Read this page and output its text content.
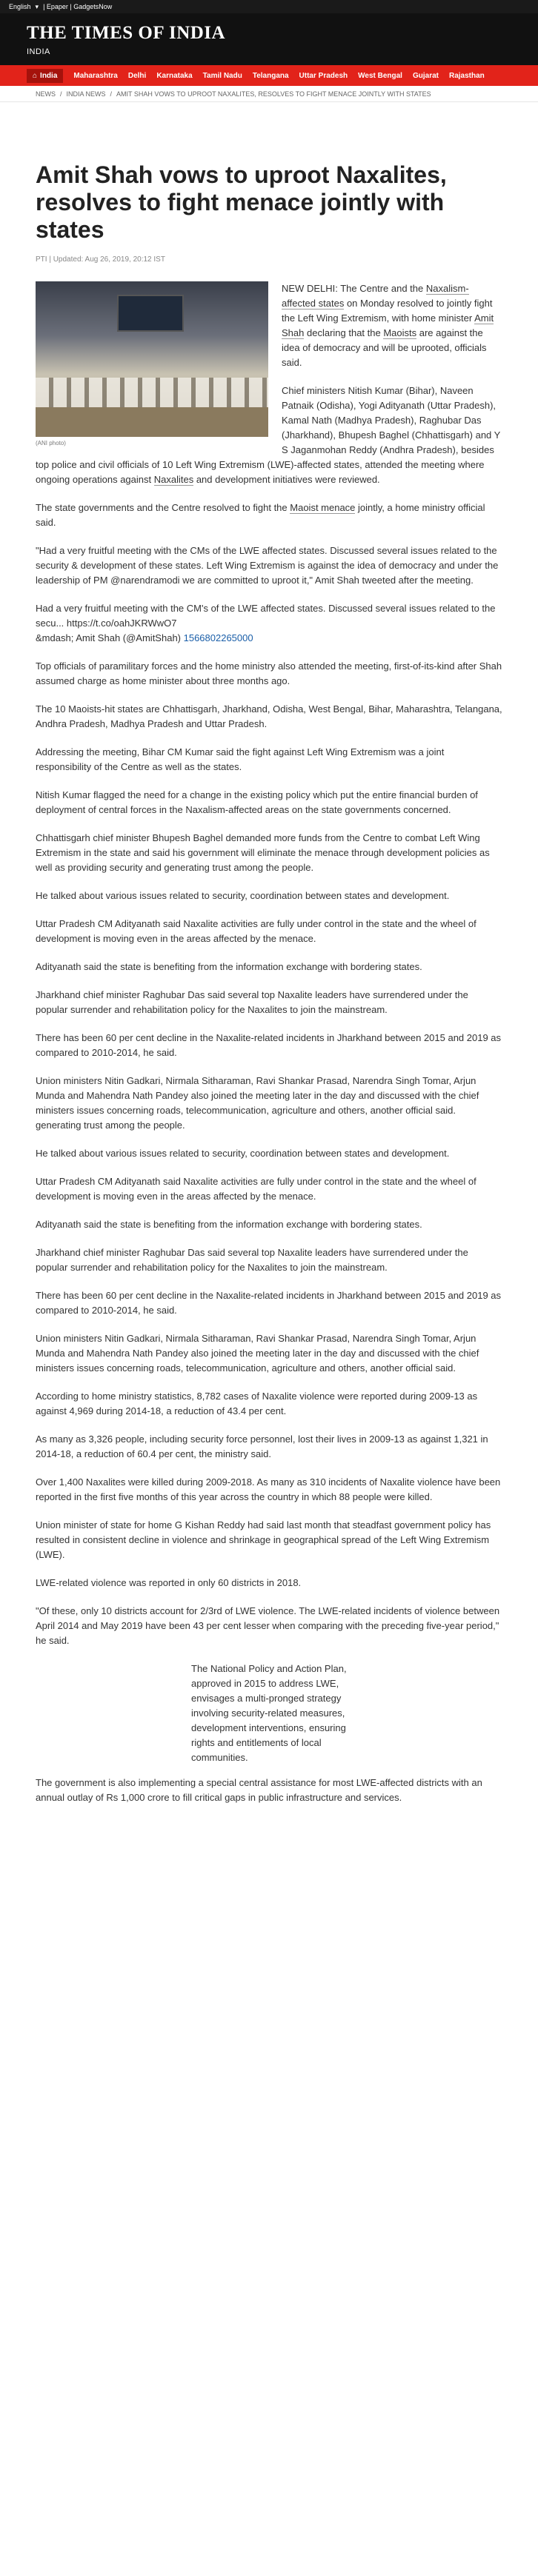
English ▾ | Epaper | GadgetsNow
THE TIMES OF INDIA
INDIA
⌂ India Maharashtra Delhi Karnataka Tamil Nadu Telangana Uttar Pradesh West Bengal Gujarat Rajasthan
NEWS / INDIA NEWS / AMIT SHAH VOWS TO UPROOT NAXALITES, RESOLVES TO FIGHT MENACE JOINTLY WITH STATES
Amit Shah vows to uproot Naxalites, resolves to fight menace jointly with states
PTI | Updated: Aug 26, 2019, 20:12 IST
(ANI photo)

NEW DELHI: The Centre and the Naxalism-affected states on Monday resolved to jointly fight the Left Wing Extremism, with home minister Amit Shah declaring that the Maoists are against the idea of democracy and will be uprooted, officials said.

Chief ministers Nitish Kumar (Bihar), Naveen Patnaik (Odisha), Yogi Adityanath (Uttar Pradesh), Kamal Nath (Madhya Pradesh), Raghubar Das (Jharkhand), Bhupesh Baghel (Chhattisgarh) and Y S Jaganmohan Reddy (Andhra Pradesh), besides top police and civil officials of 10 Left Wing Extremism (LWE)-affected states, attended the meeting where ongoing operations against Naxalites and development initiatives were reviewed.

The state governments and the Centre resolved to fight the Maoist menace jointly, a home ministry official said.

"Had a very fruitful meeting with the CMs of the LWE affected states. Discussed several issues related to the security & development of these states. Left Wing Extremism is against the idea of democracy and under the leadership of PM @narendramodi we are committed to uproot it," Amit Shah tweeted after the meeting.

Had a very fruitful meeting with the CM's of the LWE affected states. Discussed several issues related to the secu... https://t.co/oahJKRWwO7
&mdash; Amit Shah (@AmitShah) 1566802265000

Top officials of paramilitary forces and the home ministry also attended the meeting, first-of-its-kind after Shah assumed charge as home minister about three months ago.

The 10 Maoists-hit states are Chhattisgarh, Jharkhand, Odisha, West Bengal, Bihar, Maharashtra, Telangana, Andhra Pradesh, Madhya Pradesh and Uttar Pradesh.

Addressing the meeting, Bihar CM Kumar said the fight against Left Wing Extremism was a joint responsibility of the Centre as well as the states.

Nitish Kumar flagged the need for a change in the existing policy which put the entire financial burden of deployment of central forces in the Naxalism-affected areas on the state governments concerned.

Chhattisgarh chief minister Bhupesh Baghel demanded more funds from the Centre to combat Left Wing Extremism in the state and said his government will eliminate the menace through development policies as well as providing security and generating trust among the people.

He talked about various issues related to security, coordination between states and development.

Uttar Pradesh CM Adityanath said Naxalite activities are fully under control in the state and the wheel of development is moving even in the areas affected by the menace.

Adityanath said the state is benefiting from the information exchange with bordering states.

Jharkhand chief minister Raghubar Das said several top Naxalite leaders have surrendered under the popular surrender and rehabilitation policy for the Naxalites to join the mainstream.

There has been 60 per cent decline in the Naxalite-related incidents in Jharkhand between 2015 and 2019 as compared to 2010-2014, he said.

Union ministers Nitin Gadkari, Nirmala Sitharaman, Ravi Shankar Prasad, Narendra Singh Tomar, Arjun Munda and Mahendra Nath Pandey also joined the meeting later in the day and discussed with the chief ministers issues concerning roads, telecommunication, agriculture and others, another official said.

generating trust among the people.

He talked about various issues related to security, coordination between states and development.

Uttar Pradesh CM Adityanath said Naxalite activities are fully under control in the state and the wheel of development is moving even in the areas affected by the menace.

Adityanath said the state is benefiting from the information exchange with bordering states.

Jharkhand chief minister Raghubar Das said several top Naxalite leaders have surrendered under the popular surrender and rehabilitation policy for the Naxalites to join the mainstream.

There has been 60 per cent decline in the Naxalite-related incidents in Jharkhand between 2015 and 2019 as compared to 2010-2014, he said.

Union ministers Nitin Gadkari, Nirmala Sitharaman, Ravi Shankar Prasad, Narendra Singh Tomar, Arjun Munda and Mahendra Nath Pandey also joined the meeting later in the day and discussed with the chief ministers issues concerning roads, telecommunication, agriculture and others, another official said.

According to home ministry statistics, 8,782 cases of Naxalite violence were reported during 2009-13 as against 4,969 during 2014-18, a reduction of 43.4 per cent.

As many as 3,326 people, including security force personnel, lost their lives in 2009-13 as against 1,321 in 2014-18, a reduction of 60.4 per cent, the ministry said.

Over 1,400 Naxalites were killed during 2009-2018. As many as 310 incidents of Naxalite violence have been reported in the first five months of this year across the country in which 88 people were killed.

Union minister of state for home G Kishan Reddy had said last month that steadfast government policy has resulted in consistent decline in violence and shrinkage in geographical spread of the Left Wing Extremism (LWE).

LWE-related violence was reported in only 60 districts in 2018.

"Of these, only 10 districts account for 2/3rd of LWE violence. The LWE-related incidents of violence between April 2014 and May 2019 have been 43 per cent lesser when comparing with the preceding five-year period," he said.

The National Policy and Action Plan, approved in 2015 to address LWE, envisages a multi-pronged strategy involving security-related measures, development interventions, ensuring rights and entitlements of local communities.

The government is also implementing a special central assistance for most LWE-affected districts with an annual outlay of Rs 1,000 crore to fill critical gaps in public infrastructure and services.
